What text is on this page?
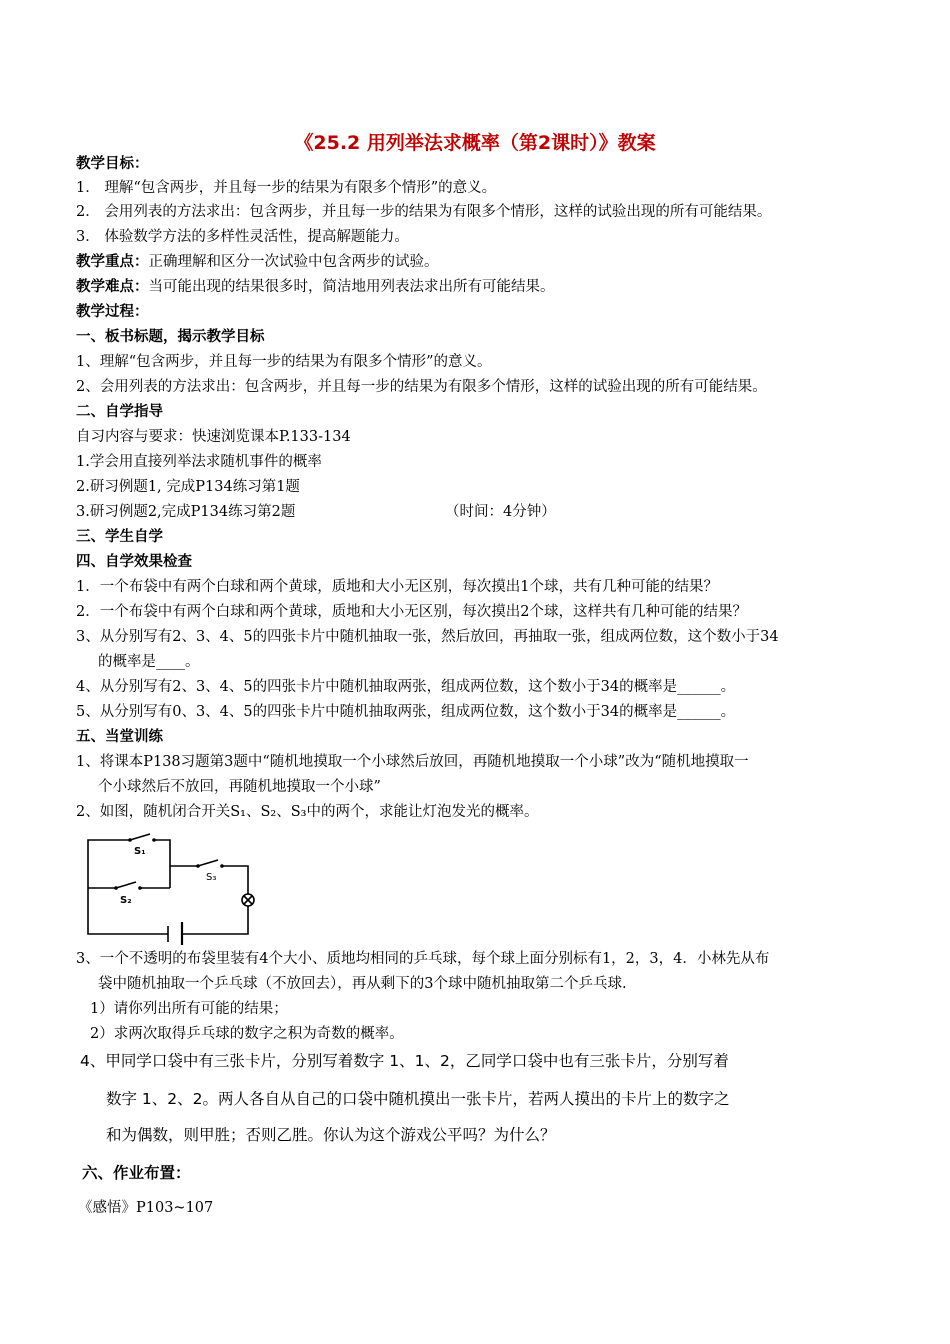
《25.2 用列举法求概率（第2课时）》教案
教学目标：
1． 理解“包含两步，并且每一步的结果为有限多个情形”的意义。
2． 会用列表的方法求出：包含两步，并且每一步的结果为有限多个情形，这样的试验出现的所有可能结果。
3． 体验数学方法的多样性灵活性，提高解题能力。
教学重点：正确理解和区分一次试验中包含两步的试验。
教学难点：当可能出现的结果很多时，简洁地用列表法求出所有可能结果。
教学过程：
一、板书标题，揭示教学目标
1、理解“包含两步，并且每一步的结果为有限多个情形”的意义。
2、会用列表的方法求出：包含两步，并且每一步的结果为有限多个情形，这样的试验出现的所有可能结果。
二、自学指导
自习内容与要求：快速浏览课本P.133-134
1.学会用直接列举法求随机事件的概率
2.研习例题1, 完成P134练习第1题
3.研习例题2,完成P134练习第2题	（时间：4分钟）
三、学生自学
四、自学效果检查
1．一个布袋中有两个白球和两个黄球，质地和大小无区别，每次摸出1个球，共有几种可能的结果？
2．一个布袋中有两个白球和两个黄球，质地和大小无区别，每次摸出2个球，这样共有几种可能的结果？
3、从分别写有2、3、4、5的四张卡片中随机抽取一张，然后放回，再抽取一张，组成两位数，这个数小于34
的概率是____。
4、从分别写有2、3、4、5的四张卡片中随机抽取两张，组成两位数，这个数小于34的概率是______。
5、从分别写有0、3、4、5的四张卡片中随机抽取两张，组成两位数，这个数小于34的概率是______。
五、当堂训练
1、将课本P138习题第3题中“随机地摸取一个小球然后放回，再随机地摸取一个小球”改为“随机地摸取一
个小球然后不放回，再随机地摸取一个小球”
2、如图，随机闭合开关S₁、S₂、S₃中的两个，求能让灯泡发光的概率。
S₁
S₂
S₃
3、一个不透明的布袋里装有4个大小、质地均相同的乒乓球，每个球上面分别标有1，2，3，4．小林先从布
袋中随机抽取一个乒乓球（不放回去），再从剩下的3个球中随机抽取第二个乒乓球.
1）请你列出所有可能的结果；
2）求两次取得乒乓球的数字之积为奇数的概率。
4、甲同学口袋中有三张卡片，分别写着数字 1、1、2，乙同学口袋中也有三张卡片，分别写着
数字 1、2、2。两人各自从自己的口袋中随机摸出一张卡片，若两人摸出的卡片上的数字之
和为偶数，则甲胜；否则乙胜。你认为这个游戏公平吗？为什么？
六、作业布置：
《感悟》P103~107
